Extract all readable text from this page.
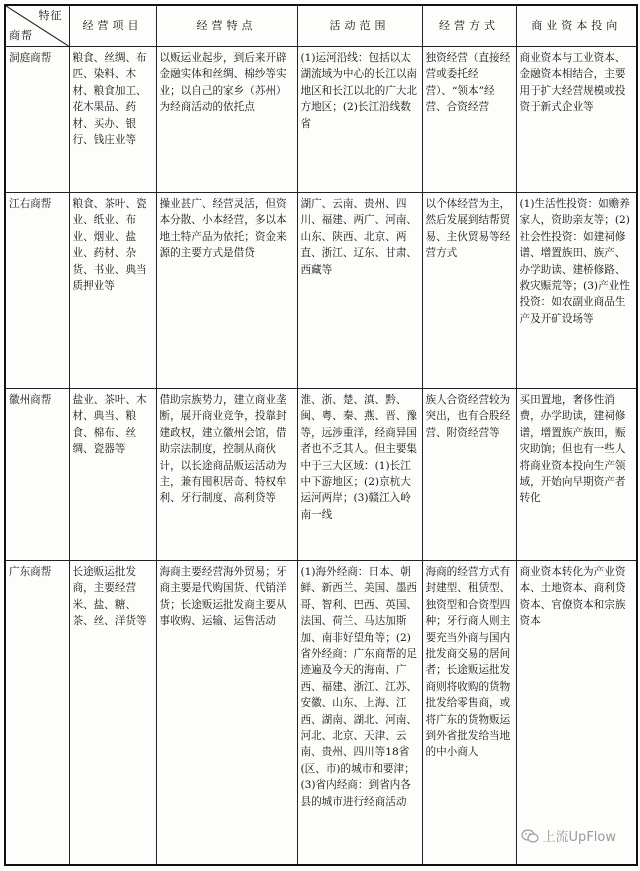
特征
商帮	经营项目	经营特点	活动范围	经营方式	商业资本投向
洞庭商帮	粮食、丝绸、布匹、染料、木材、粮食加工、花木果品、药材、买办、银行、钱庄业等	以贩运业起步，到后来开辟金融实体和丝绸、棉纱等实业；以自己的家乡（苏州）为经商活动的依托点	(1)运河沿线：包括以太湖流域为中心的长江以南地区和长江以北的广大北方地区；(2)长江沿线数省	独资经营（直接经营或委托经营）、“领本”经营、合资经营	商业资本与工业资本、金融资本相结合，主要用于扩大经营规模或投资于新式企业等
江右商帮	粮食、茶叶、瓷业、纸业、布业、烟业、盐业、药材、杂货、书业、典当质押业等	操业甚广、经营灵活，但资本分散、小本经营，多以本地土特产品为依托；资金来源的主要方式是借贷	湖广、云南、贵州、四川、福建、两广、河南、山东、陕西、北京、两直、浙江、辽东、甘肃、西藏等	以个体经营为主，然后发展到结帮贸易、主伙贸易等经营方式	(1)生活性投资：如赡养家人，资助亲友等；(2)社会性投资：如建祠修谱、增置族田、族产、办学助读、建桥修路、救灾赈荒等；(3)产业性投资：如农副业商品生产及开矿设场等
徽州商帮	盐业、茶叶、木材、典当、粮食、棉布、丝绸、瓷器等	借助宗族势力，建立商业垄断，展开商业竞争，投靠封建政权，建立徽州会馆，借助宗法制度，控制从商伙计，以长途商品贩运活动为主，兼有囤积居奇、特权牟利、牙行制度、高利贷等	淮、浙、楚、滇、黔、闽、粤、秦、燕、晋、豫等，远涉重洋，经商异国者也不乏其人。但主要集中于三大区域：(1)长江中下游地区；(2)京杭大运河两岸；(3)赣江入岭南一线	族人合资经营较为突出，也有合股经营、附资经营等	买田置地，奢侈性消费，办学助读，建祠修谱，增置族产族田，赈灾助饷；但也有一些人将商业资本投向生产领域，开始向早期资产者转化
广东商帮	长途贩运批发商，主要经营米、盐、糖、茶、丝、洋货等	海商主要经营海外贸易；牙商主要是代购国货、代销洋货；长途贩运批发商主要从事收购、运输、运售活动	(1)海外经商：日本、朝鲜、新西兰、美国、墨西哥、智利、巴西、英国、法国、荷兰、马达加斯加、南非好望角等；(2)省外经商：广东商帮的足迹遍及今天的海南、广西、福建、浙江、江苏、安徽、山东、上海、江西、湖南、湖北、河南、河北、北京、天津、云南、贵州、四川等18省(区、市)的城市和要津；(3)省内经商：到省内各县的城市进行经商活动	海商的经营方式有封建型、租赁型、独资型和合资型四种；牙行商人则主要充当外商与国内批发商交易的居间者；长途贩运批发商则将收购的货物批发给零售商，或将广东的货物贩运到外省批发给当地的中小商人	商业资本转化为产业资本、土地资本、商利贷资本、官僚资本和宗族资本
上流UpFlow
